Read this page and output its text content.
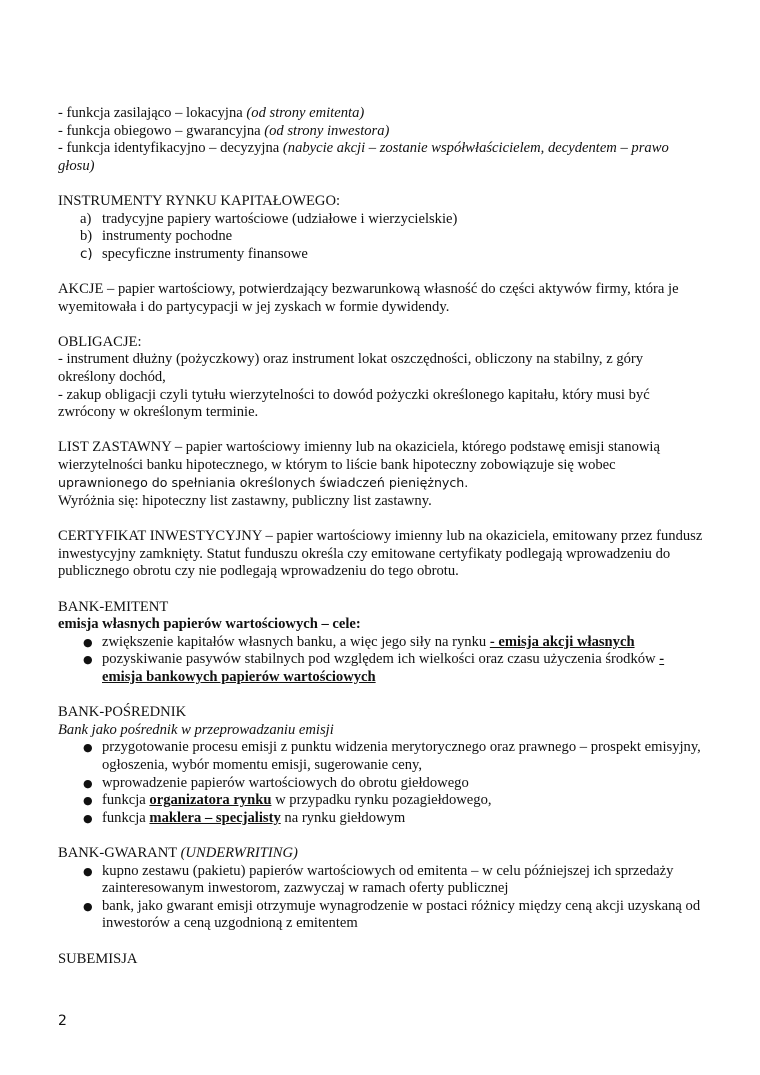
- funkcja zasilająco – lokacyjna (od strony emitenta)

- funkcja obiegowo – gwarancyjna (od strony inwestora)

- funkcja identyfikacyjno – decyzyjna (nabycie akcji – zostanie współwłaścicielem, decydentem – prawo głosu)

INSTRUMENTY RYNKU KAPITAŁOWEGO:

a) tradycyjne papiery wartościowe (udziałowe i wierzycielskie)
b) instrumenty pochodne
c) specyficzne instrumenty finansowe

AKCJE – papier wartościowy, potwierdzający bezwarunkową własność do części aktywów firmy, która je wyemitowała i do partycypacji w jej zyskach w formie dywidendy.

OBLIGACJE:

- instrument dłużny (pożyczkowy) oraz instrument lokat oszczędności, obliczony na stabilny, z góry określony dochód,

- zakup obligacji czyli tytułu wierzytelności to dowód pożyczki określonego kapitału, który musi być zwrócony w określonym terminie.

LIST ZASTAWNY – papier wartościowy imienny lub na okaziciela, którego podstawę emisji stanowią wierzytelności banku hipotecznego, w którym to liście bank hipoteczny zobowiązuje się wobec uprawnionego do spełniania określonych świadczeń pieniężnych.

Wyróżnia się: hipoteczny list zastawny, publiczny list zastawny.

CERTYFIKAT INWESTYCYJNY – papier wartościowy imienny lub na okaziciela, emitowany przez fundusz inwestycyjny zamknięty. Statut funduszu określa czy emitowane certyfikaty podlegają wprowadzeniu do publicznego obrotu czy nie podlegają wprowadzeniu do tego obrotu.

BANK-EMITENT

emisja własnych papierów wartościowych – cele:

● zwiększenie kapitałów własnych banku, a więc jego siły na rynku - emisja akcji własnych
● pozyskiwanie pasywów stabilnych pod względem ich wielkości oraz czasu użyczenia środków - emisja bankowych papierów wartościowych

BANK-POŚREDNIK

Bank jako pośrednik w przeprowadzaniu emisji

● przygotowanie procesu emisji z punktu widzenia merytorycznego oraz prawnego – prospekt emisyjny, ogłoszenia, wybór momentu emisji, sugerowanie ceny,
● wprowadzenie papierów wartościowych do obrotu giełdowego
● funkcja organizatora rynku w przypadku rynku pozagiełdowego,
● funkcja maklera – specjalisty na rynku giełdowym

BANK-GWARANT (UNDERWRITING)

● kupno zestawu (pakietu) papierów wartościowych od emitenta – w celu późniejszej ich sprzedaży zainteresowanym inwestorom, zazwyczaj w ramach oferty publicznej
● bank, jako gwarant emisji otrzymuje wynagrodzenie w postaci różnicy między ceną akcji uzyskaną od inwestorów a ceną uzgodnioną z emitentem

SUBEMISJA

2
